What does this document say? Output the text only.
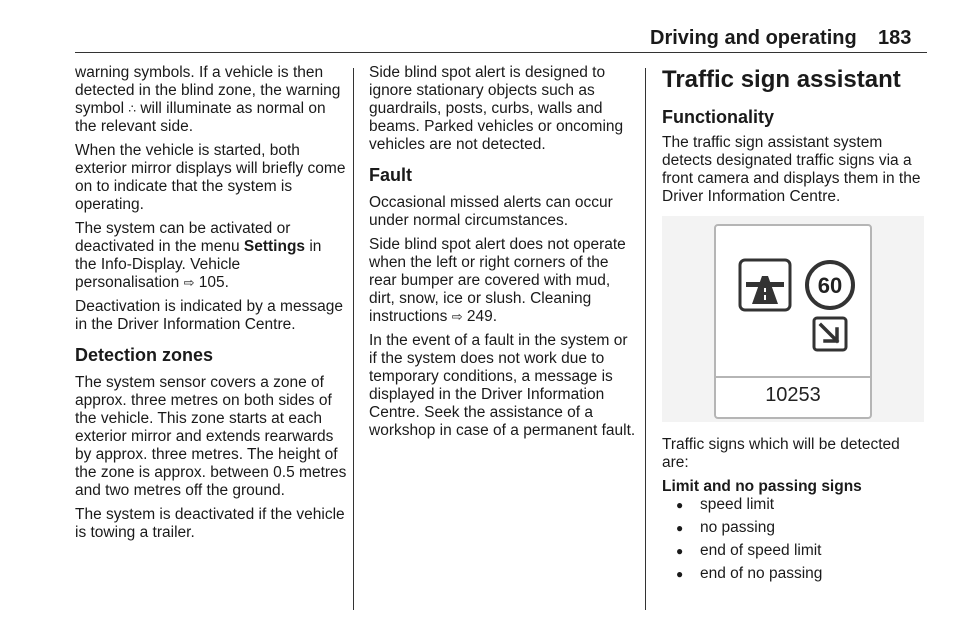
Driving and operating 183

warning symbols. If a vehicle is then detected in the blind zone, the warning symbol ∴ will illuminate as normal on the relevant side.

When the vehicle is started, both exterior mirror displays will briefly come on to indicate that the system is operating.

The system can be activated or deactivated in the menu Settings in the Info-Display. Vehicle personalisation ⇨ 105.

Deactivation is indicated by a message in the Driver Information Centre.

Detection zones

The system sensor covers a zone of approx. three metres on both sides of the vehicle. This zone starts at each exterior mirror and extends rearwards by approx. three metres. The height of the zone is approx. between 0.5 metres and two metres off the ground.

The system is deactivated if the vehicle is towing a trailer.

Side blind spot alert is designed to ignore stationary objects such as guardrails, posts, curbs, walls and beams. Parked vehicles or oncoming vehicles are not detected.

Fault

Occasional missed alerts can occur under normal circumstances.

Side blind spot alert does not operate when the left or right corners of the rear bumper are covered with mud, dirt, snow, ice or slush. Cleaning instructions ⇨ 249.

In the event of a fault in the system or if the system does not work due to temporary conditions, a message is displayed in the Driver Information Centre. Seek the assistance of a workshop in case of a permanent fault.

Traffic sign assistant
Functionality

The traffic sign assistant system detects designated traffic signs via a front camera and displays them in the Driver Information Centre.

60
10253

Traffic signs which will be detected are:

Limit and no passing signs
● speed limit
● no passing
● end of speed limit
● end of no passing
